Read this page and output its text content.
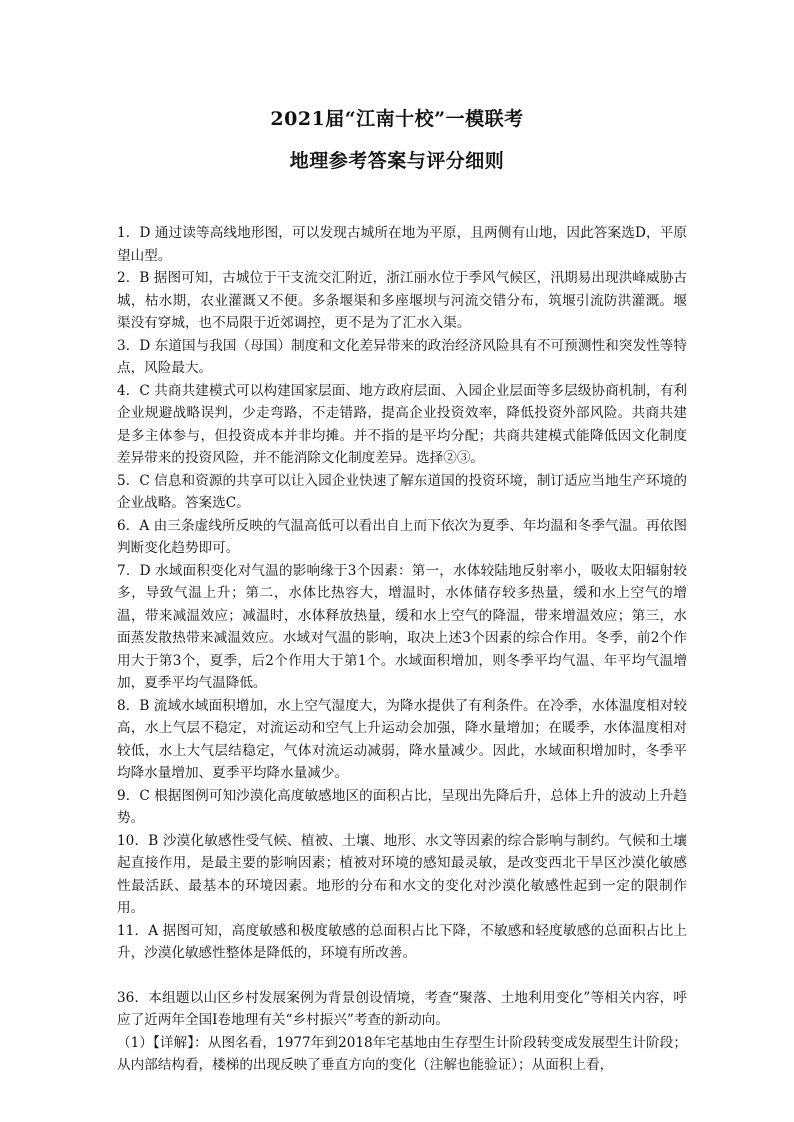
2021届“江南十校”一模联考
地理参考答案与评分细则

1．D 通过读等高线地形图，可以发现古城所在地为平原，且两侧有山地，因此答案选D，平原望山型。

2．B 据图可知，古城位于干支流交汇附近，浙江丽水位于季风气候区，汛期易出现洪峰威胁古城，枯水期，农业灌溉又不便。多条堰渠和多座堰坝与河流交错分布，筑堰引流防洪灌溉。堰渠没有穿城，也不局限于近郊调控，更不是为了汇水入渠。

3．D 东道国与我国（母国）制度和文化差异带来的政治经济风险具有不可预测性和突发性等特点，风险最大。

4．C 共商共建模式可以构建国家层面、地方政府层面、入园企业层面等多层级协商机制，有利企业规避战略误判，少走弯路，不走错路，提高企业投资效率，降低投资外部风险。共商共建是多主体参与，但投资成本并非均摊。并不指的是平均分配；共商共建模式能降低因文化制度差异带来的投资风险，并不能消除文化制度差异。选择②③。

5．C 信息和资源的共享可以让入园企业快速了解东道国的投资环境，制订适应当地生产环境的企业战略。答案选C。

6．A 由三条虚线所反映的气温高低可以看出自上而下依次为夏季、年均温和冬季气温。再依图判断变化趋势即可。

7．D 水域面积变化对气温的影响缘于3个因素：第一，水体较陆地反射率小，吸收太阳辐射较多，导致气温上升；第二，水体比热容大，增温时，水体储存较多热量，缓和水上空气的增温，带来减温效应；减温时，水体释放热量，缓和水上空气的降温，带来增温效应；第三，水面蒸发散热带来减温效应。水域对气温的影响，取决上述3个因素的综合作用。冬季，前2个作用大于第3个，夏季，后2个作用大于第1个。水域面积增加，则冬季平均气温、年平均气温增加，夏季平均气温降低。

8．B 流域水域面积增加，水上空气湿度大，为降水提供了有利条件。在冷季，水体温度相对较高，水上气层不稳定，对流运动和空气上升运动会加强，降水量增加；在暖季，水体温度相对较低，水上大气层结稳定，气体对流运动减弱，降水量减少。因此，水域面积增加时，冬季平均降水量增加、夏季平均降水量减少。

9．C 根据图例可知沙漠化高度敏感地区的面积占比，呈现出先降后升，总体上升的波动上升趋势。

10．B 沙漠化敏感性受气候、植被、土壤、地形、水文等因素的综合影响与制约。气候和土壤起直接作用，是最主要的影响因素；植被对环境的感知最灵敏，是改变西北干旱区沙漠化敏感性最活跃、最基本的环境因素。地形的分布和水文的变化对沙漠化敏感性起到一定的限制作用。

11．A 据图可知，高度敏感和极度敏感的总面积占比下降，不敏感和轻度敏感的总面积占比上升，沙漠化敏感性整体是降低的，环境有所改善。

36．本组题以山区乡村发展案例为背景创设情境，考查“聚落、土地利用变化”等相关内容，呼应了近两年全国Ⅰ卷地理有关“乡村振兴”考查的新动向。

（1）【详解】：从图名看，1977年到2018年宅基地由生存型生计阶段转变成发展型生计阶段；从内部结构看，楼梯的出现反映了垂直方向的变化（注解也能验证）；从面积上看，
